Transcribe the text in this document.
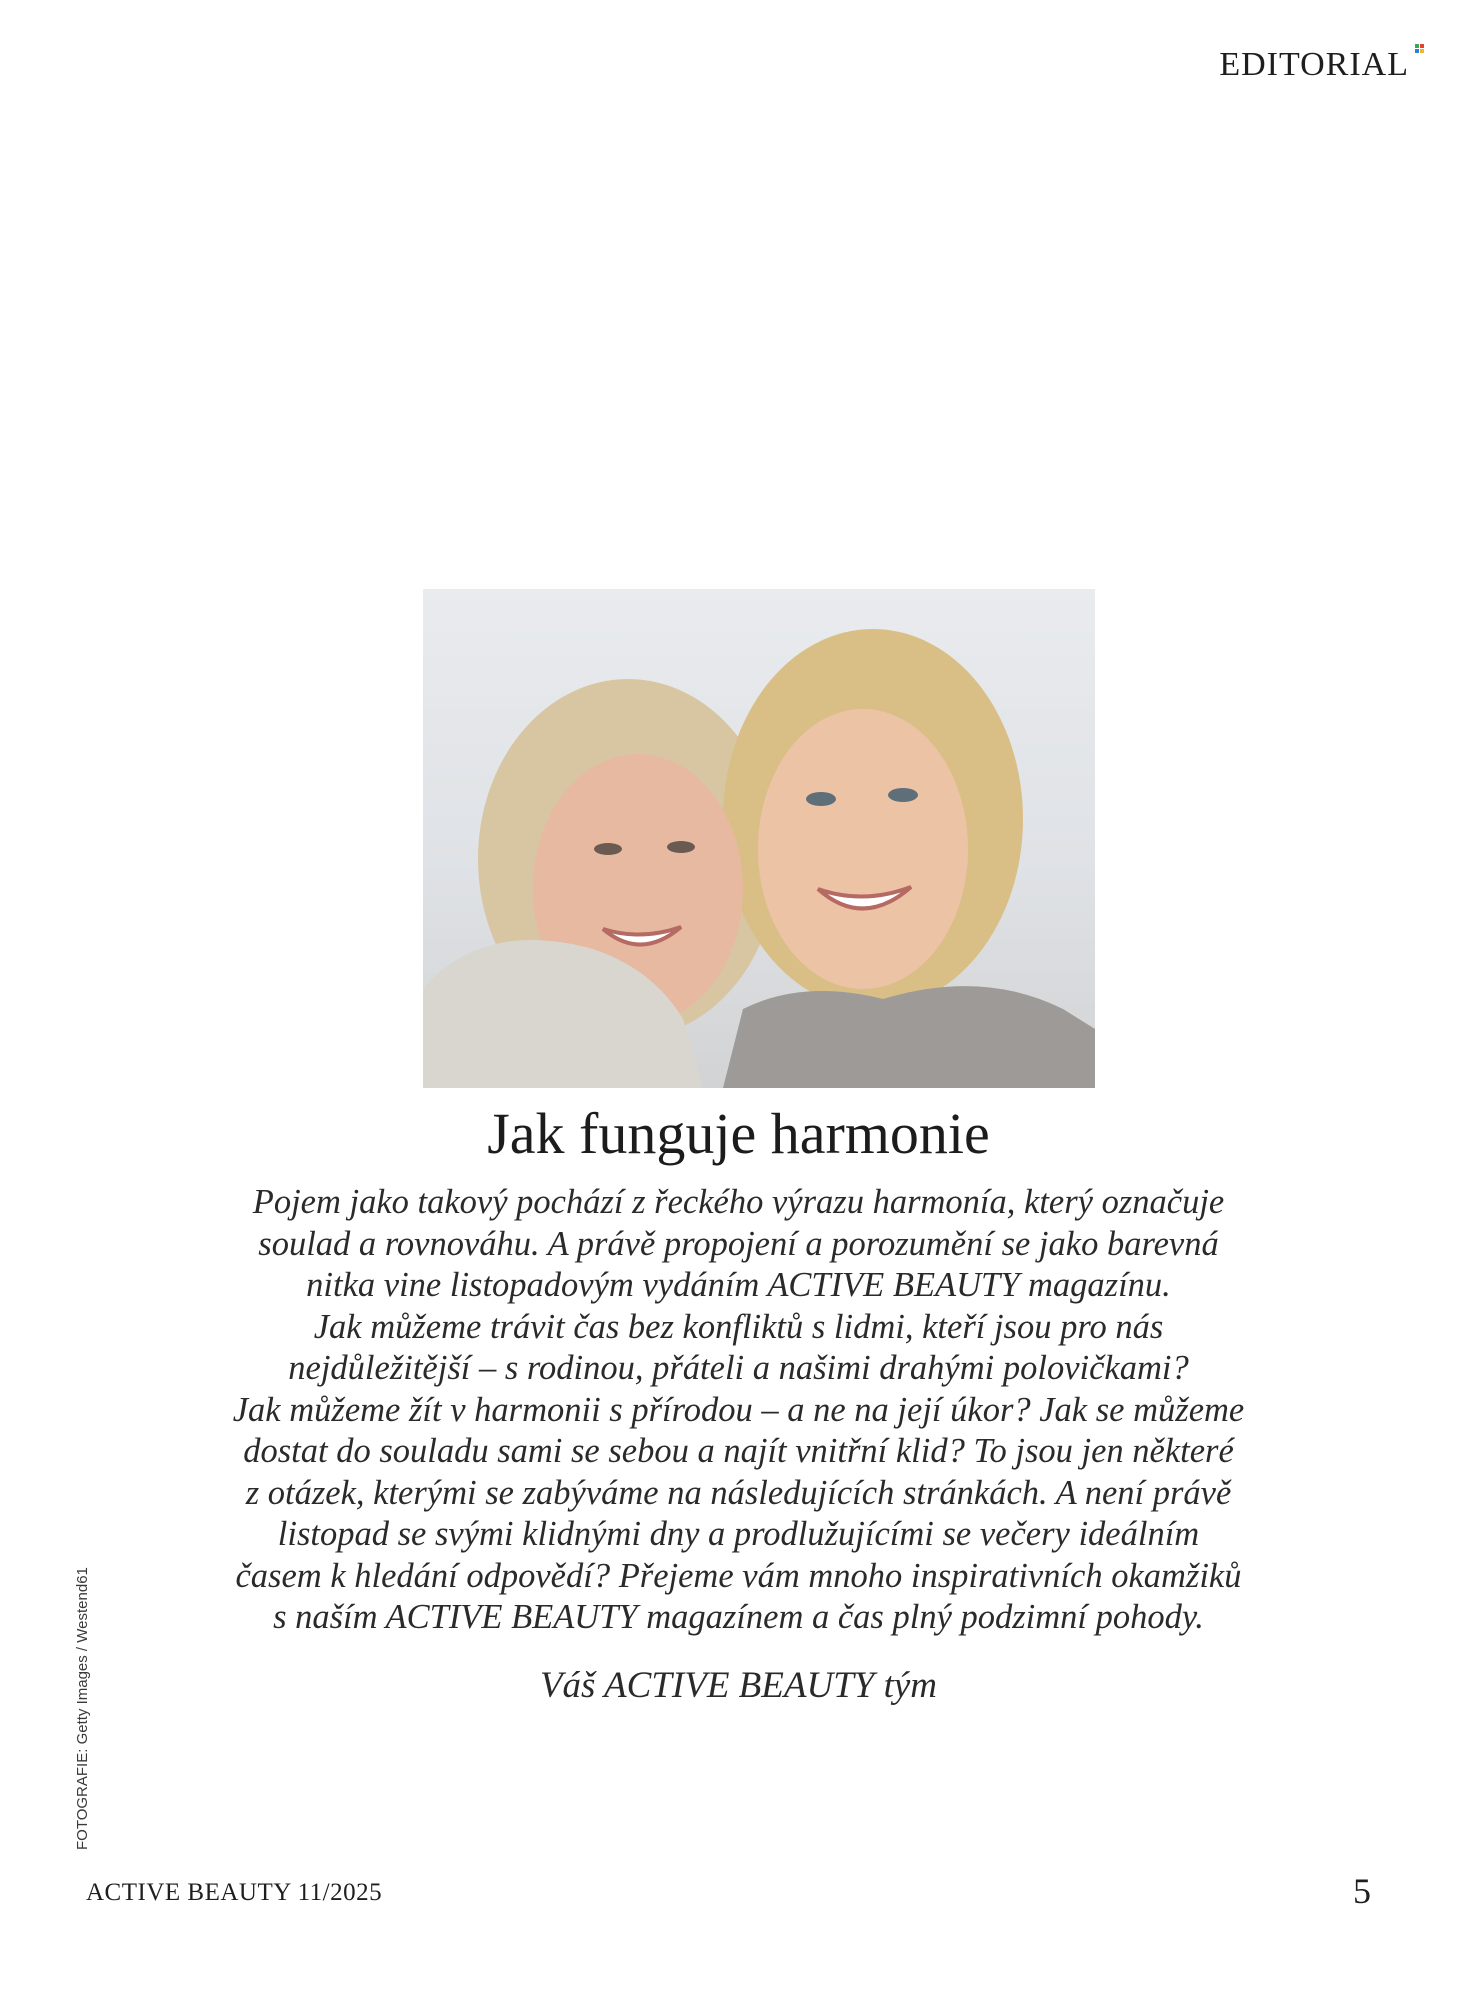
EDITORIAL
Jak funguje harmonie
Pojem jako takový pochází z řeckého výrazu harmonía, který označuje
soulad a rovnováhu. A právě propojení a porozumění se jako barevná
nitka vine listopadovým vydáním ACTIVE BEAUTY magazínu.
Jak můžeme trávit čas bez konfliktů s lidmi, kteří jsou pro nás
nejdůležitější – s rodinou, přáteli a našimi drahými polovičkami?
Jak můžeme žít v harmonii s přírodou – a ne na její úkor? Jak se můžeme
dostat do souladu sami se sebou a najít vnitřní klid? To jsou jen některé
z otázek, kterými se zabýváme na následujících stránkách. A není právě
listopad se svými klidnými dny a prodlužujícími se večery ideálním
časem k hledání odpovědí? Přejeme vám mnoho inspirativních okamžiků
s naším ACTIVE BEAUTY magazínem a čas plný podzimní pohody.
Váš ACTIVE BEAUTY tým
FOTOGRAFIE: Getty Images / Westend61
ACTIVE BEAUTY 11/2025	5
